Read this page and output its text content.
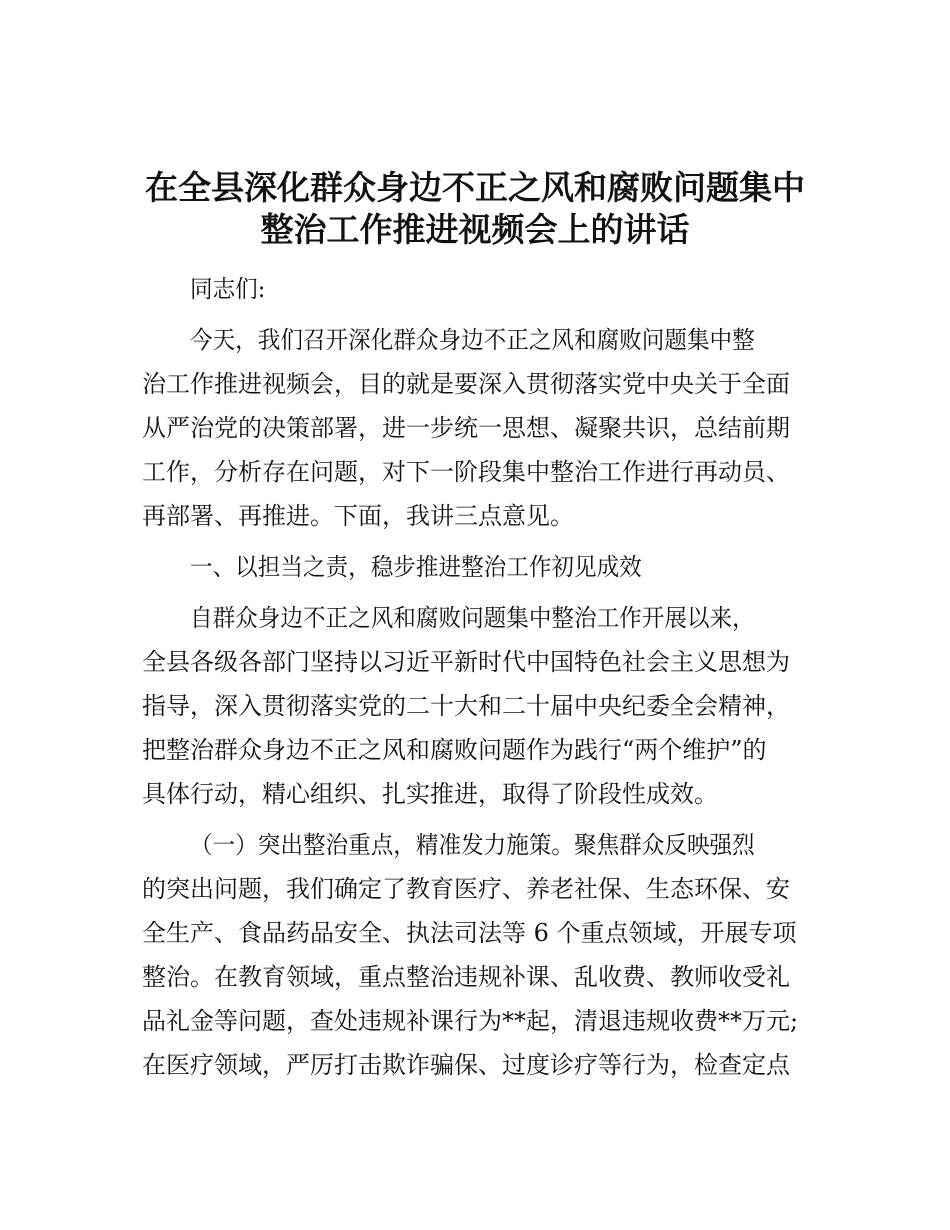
在全县深化群众身边不正之风和腐败问题集中
整治工作推进视频会上的讲话
同志们:
今天，我们召开深化群众身边不正之风和腐败问题集中整
治工作推进视频会，目的就是要深入贯彻落实党中央关于全面
从严治党的决策部署，进一步统一思想、凝聚共识，总结前期
工作，分析存在问题，对下一阶段集中整治工作进行再动员、
再部署、再推进。下面，我讲三点意见。
一、以担当之责，稳步推进整治工作初见成效
自群众身边不正之风和腐败问题集中整治工作开展以来，
全县各级各部门坚持以习近平新时代中国特色社会主义思想为
指导，深入贯彻落实党的二十大和二十届中央纪委全会精神，
把整治群众身边不正之风和腐败问题作为践行“两个维护”的
具体行动，精心组织、扎实推进，取得了阶段性成效。
（一）突出整治重点，精准发力施策。聚焦群众反映强烈
的突出问题，我们确定了教育医疗、养老社保、生态环保、安
全生产、食品药品安全、执法司法等 6 个重点领域，开展专项
整治。在教育领域，重点整治违规补课、乱收费、教师收受礼
品礼金等问题，查处违规补课行为**起，清退违规收费**万元;
在医疗领域，严厉打击欺诈骗保、过度诊疗等行为，检查定点
